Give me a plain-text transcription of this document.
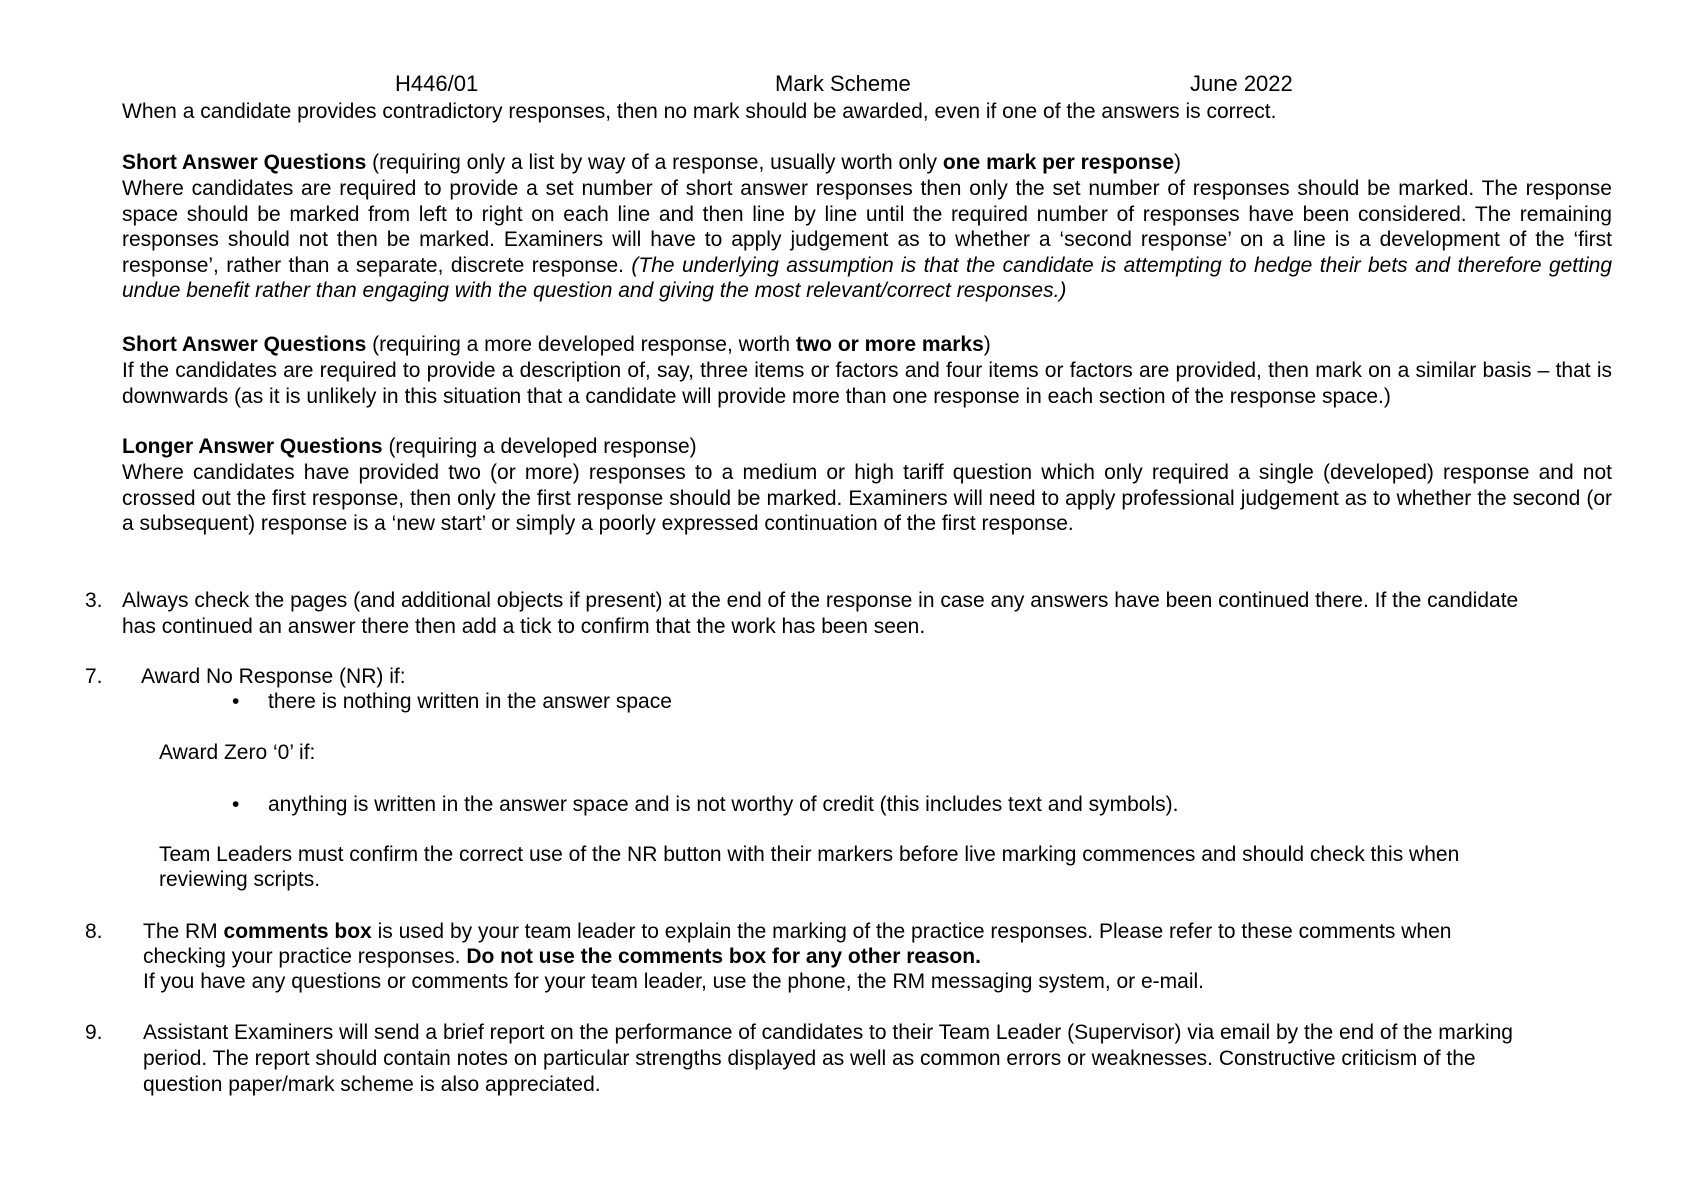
H446/01	Mark Scheme	June 2022
When a candidate provides contradictory responses, then no mark should be awarded, even if one of the answers is correct.
Short Answer Questions (requiring only a list by way of a response, usually worth only one mark per response)
Where candidates are required to provide a set number of short answer responses then only the set number of responses should be marked. The response space should be marked from left to right on each line and then line by line until the required number of responses have been considered. The remaining responses should not then be marked. Examiners will have to apply judgement as to whether a ‘second response’ on a line is a development of the ‘first response’, rather than a separate, discrete response. (The underlying assumption is that the candidate is attempting to hedge their bets and therefore getting undue benefit rather than engaging with the question and giving the most relevant/correct responses.)
Short Answer Questions (requiring a more developed response, worth two or more marks)
If the candidates are required to provide a description of, say, three items or factors and four items or factors are provided, then mark on a similar basis – that is downwards (as it is unlikely in this situation that a candidate will provide more than one response in each section of the response space.)
Longer Answer Questions (requiring a developed response)
Where candidates have provided two (or more) responses to a medium or high tariff question which only required a single (developed) response and not crossed out the first response, then only the first response should be marked. Examiners will need to apply professional judgement as to whether the second (or a subsequent) response is a ‘new start’ or simply a poorly expressed continuation of the first response.
3. Always check the pages (and additional objects if present) at the end of the response in case any answers have been continued there. If the candidate
has continued an answer there then add a tick to confirm that the work has been seen.
7. Award No Response (NR) if:
• there is nothing written in the answer space
Award Zero ‘0’ if:
• anything is written in the answer space and is not worthy of credit (this includes text and symbols).
Team Leaders must confirm the correct use of the NR button with their markers before live marking commences and should check this when
reviewing scripts.
8. The RM comments box is used by your team leader to explain the marking of the practice responses. Please refer to these comments when
checking your practice responses. Do not use the comments box for any other reason.
If you have any questions or comments for your team leader, use the phone, the RM messaging system, or e-mail.
9. Assistant Examiners will send a brief report on the performance of candidates to their Team Leader (Supervisor) via email by the end of the marking
period. The report should contain notes on particular strengths displayed as well as common errors or weaknesses. Constructive criticism of the
question paper/mark scheme is also appreciated.
